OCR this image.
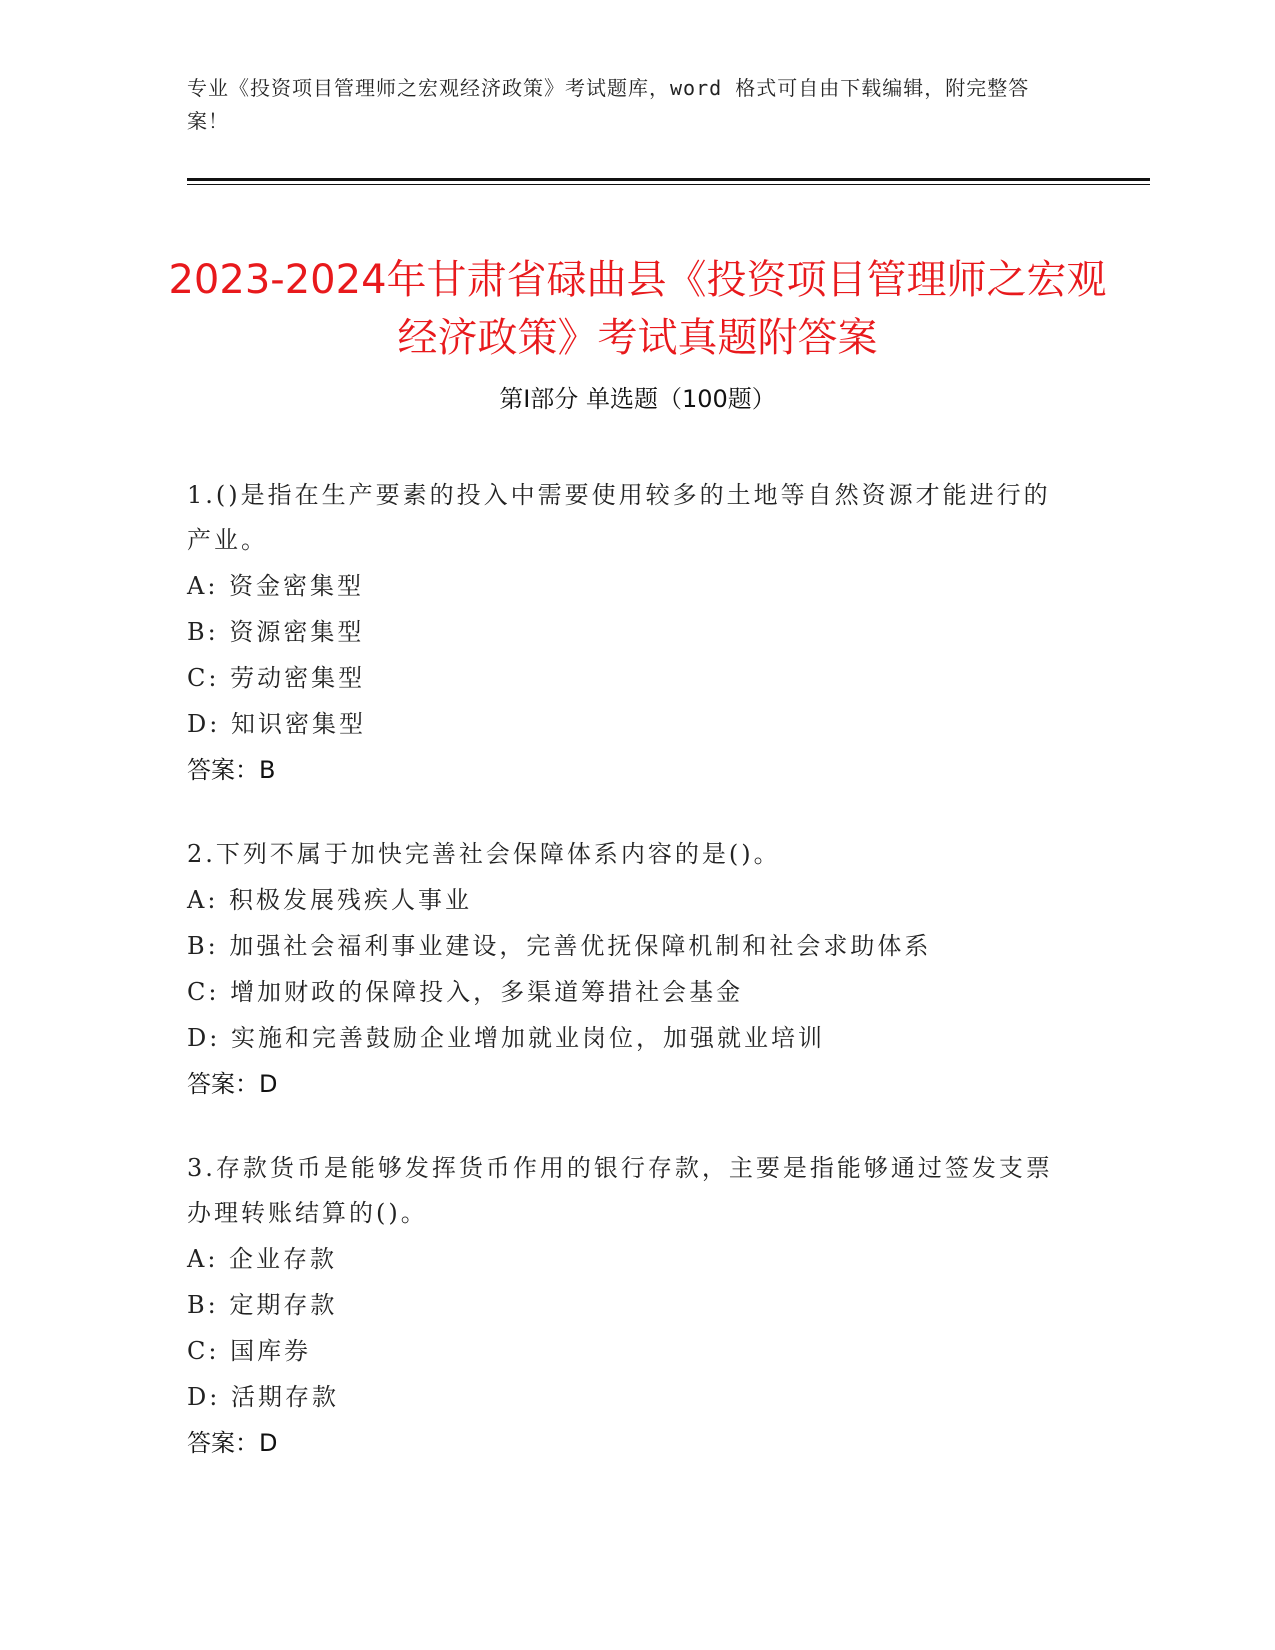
专业《投资项目管理师之宏观经济政策》考试题库，word 格式可自由下载编辑，附完整答案！
2023-2024年甘肃省碌曲县《投资项目管理师之宏观经济政策》考试真题附答案
第Ⅰ部分 单选题（100题）
1.()是指在生产要素的投入中需要使用较多的土地等自然资源才能进行的产业。
A: 资金密集型
B: 资源密集型
C: 劳动密集型
D: 知识密集型
答案：B
2.下列不属于加快完善社会保障体系内容的是()。
A: 积极发展残疾人事业
B: 加强社会福利事业建设，完善优抚保障机制和社会求助体系
C: 增加财政的保障投入，多渠道筹措社会基金
D: 实施和完善鼓励企业增加就业岗位，加强就业培训
答案：D
3.存款货币是能够发挥货币作用的银行存款，主要是指能够通过签发支票办理转账结算的()。
A: 企业存款
B: 定期存款
C: 国库券
D: 活期存款
答案：D
